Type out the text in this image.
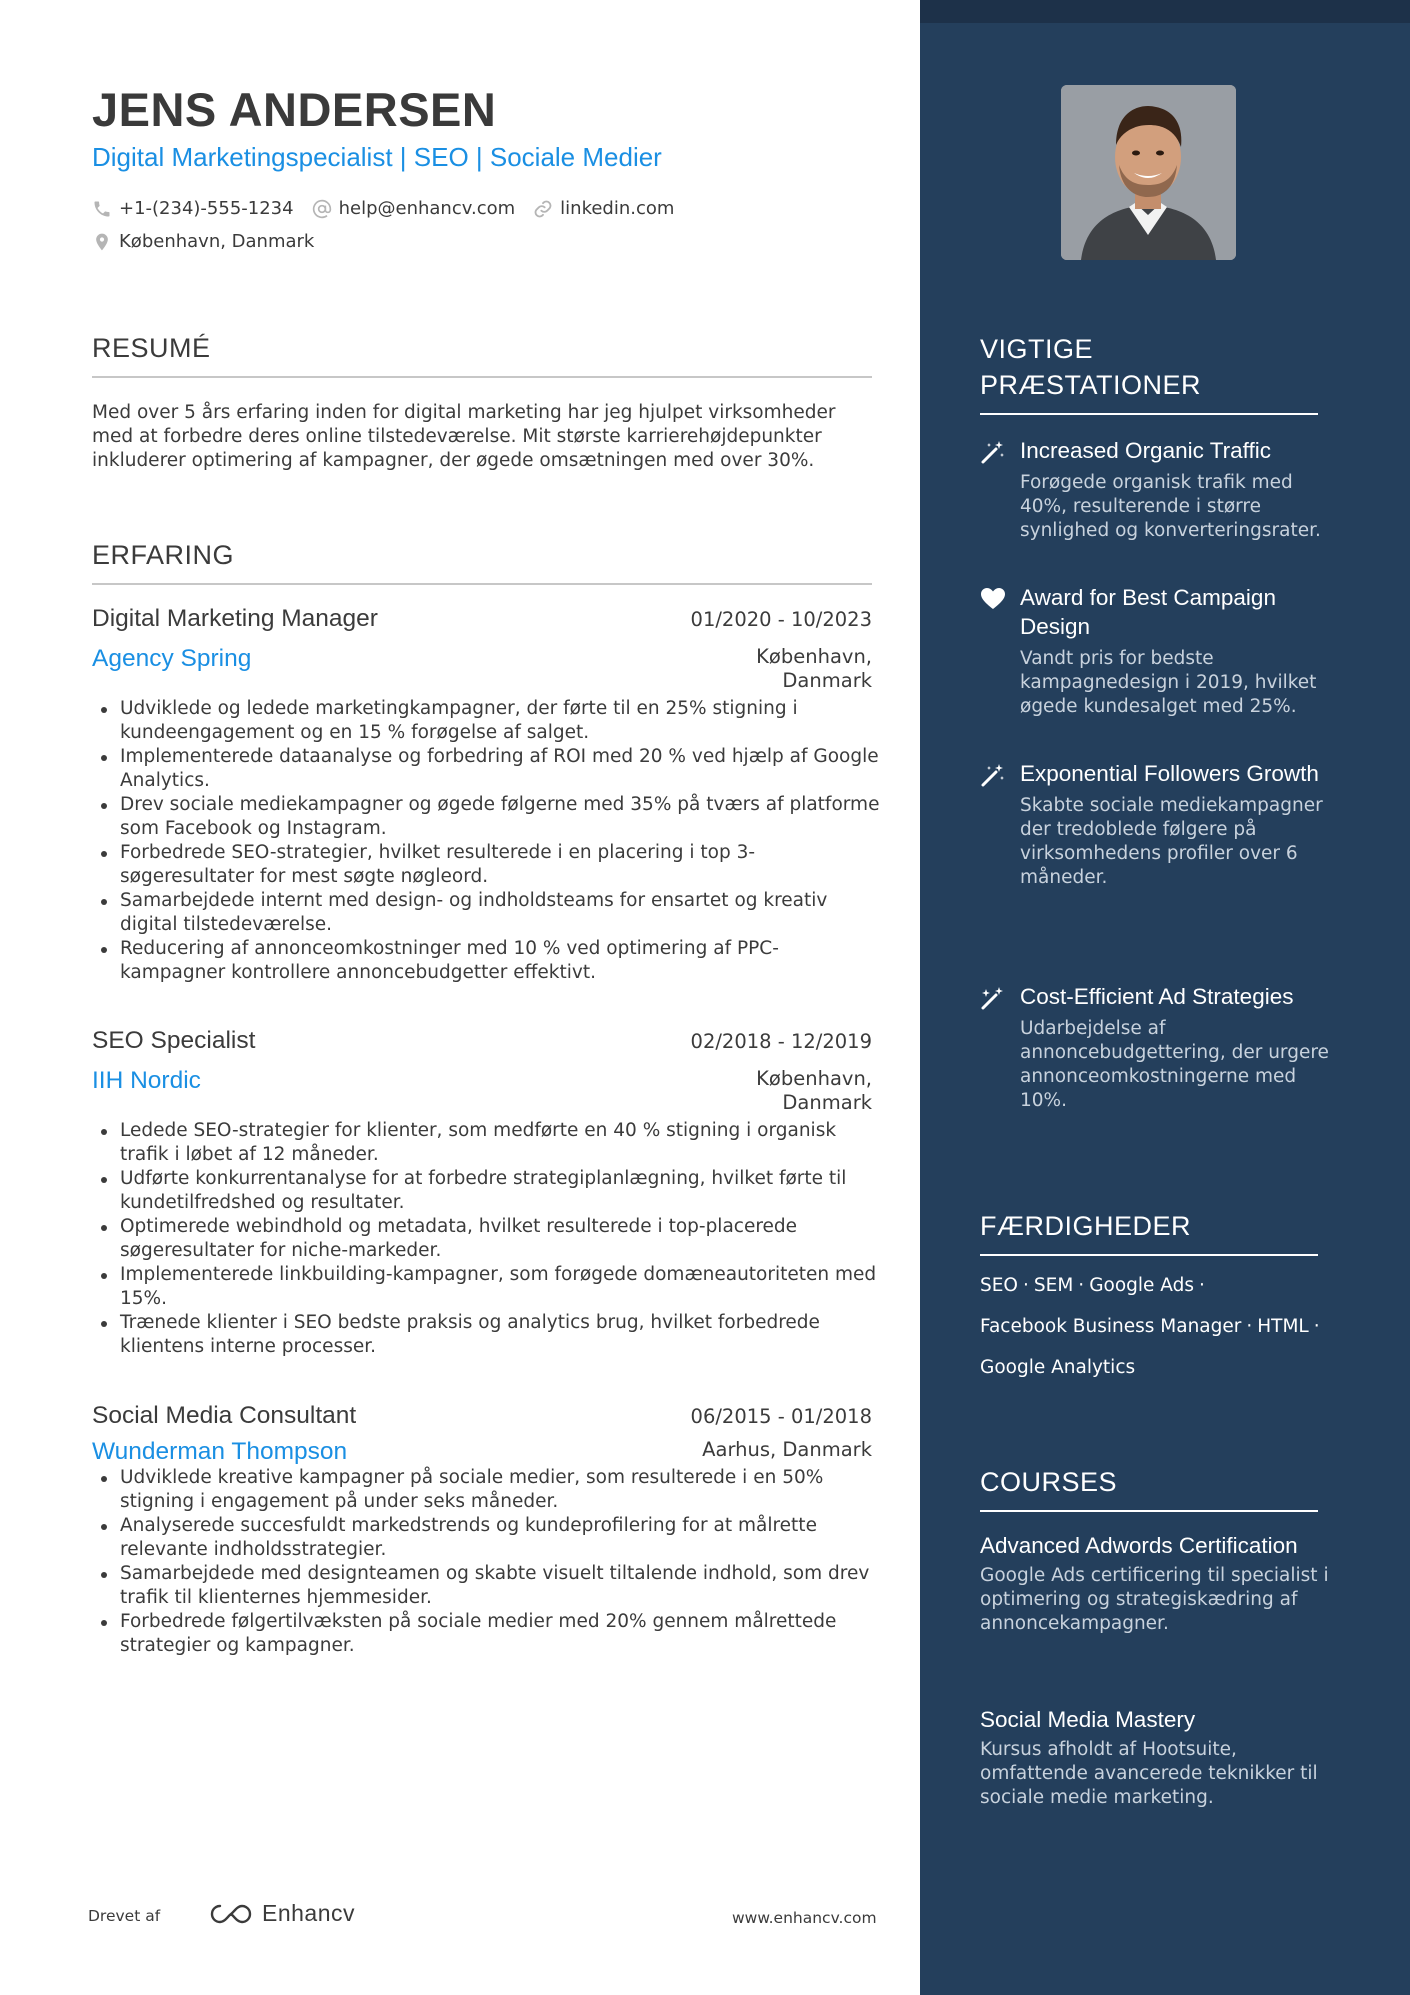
JENS ANDERSEN
Digital Marketingspecialist | SEO | Sociale Medier
+1-(234)-555-1234	help@enhancv.com	linkedin.com
København, Danmark
RESUMÉ
Med over 5 års erfaring inden for digital marketing har jeg hjulpet virksomheder med at forbedre deres online tilstedeværelse. Mit største karrierehøjdepunkter inkluderer optimering af kampagner, der øgede omsætningen med over 30%.
ERFARING
Digital Marketing Manager	01/2020 - 10/2023
Agency Spring	København, Danmark
Udviklede og ledede marketingkampagner, der førte til en 25% stigning i kundeengagement og en 15 % forøgelse af salget.
Implementerede dataanalyse og forbedring af ROI med 20 % ved hjælp af Google Analytics.
Drev sociale mediekampagner og øgede følgerne med 35% på tværs af platforme som Facebook og Instagram.
Forbedrede SEO-strategier, hvilket resulterede i en placering i top 3-søgeresultater for mest søgte nøgleord.
Samarbejdede internt med design- og indholdsteams for ensartet og kreativ digital tilstedeværelse.
Reducering af annonceomkostninger med 10 % ved optimering af PPC-kampagner kontrollere annoncebudgetter effektivt.
SEO Specialist	02/2018 - 12/2019
IIH Nordic	København, Danmark
Ledede SEO-strategier for klienter, som medførte en 40 % stigning i organisk trafik i løbet af 12 måneder.
Udførte konkurrentanalyse for at forbedre strategiplanlægning, hvilket førte til kundetilfredshed og resultater.
Optimerede webindhold og metadata, hvilket resulterede i top-placerede søgeresultater for niche-markeder.
Implementerede linkbuilding-kampagner, som forøgede domæneautoriteten med 15%.
Trænede klienter i SEO bedste praksis og analytics brug, hvilket forbedrede klientens interne processer.
Social Media Consultant	06/2015 - 01/2018
Wunderman Thompson	Aarhus, Danmark
Udviklede kreative kampagner på sociale medier, som resulterede i en 50% stigning i engagement på under seks måneder.
Analyserede succesfuldt markedstrends og kundeprofilering for at målrette relevante indholdsstrategier.
Samarbejdede med designteamen og skabte visuelt tiltalende indhold, som drev trafik til klienternes hjemmesider.
Forbedrede følgertilvæksten på sociale medier med 20% gennem målrettede strategier og kampagner.
Drevet af	Enhancv	www.enhancv.com
VIGTIGE PRÆSTATIONER
Increased Organic Traffic
Forøgede organisk trafik med 40%, resulterende i større synlighed og konverteringsrater.
Award for Best Campaign Design
Vandt pris for bedste kampagnedesign i 2019, hvilket øgede kundesalget med 25%.
Exponential Followers Growth
Skabte sociale mediekampagner der tredoblede følgere på virksomhedens profiler over 6 måneder.
Cost-Efficient Ad Strategies
Udarbejdelse af annoncebudgettering, der urgere annonceomkostningerne med 10%.
FÆRDIGHEDER
SEO · SEM · Google Ads ·
Facebook Business Manager · HTML ·
Google Analytics
COURSES
Advanced Adwords Certification
Google Ads certificering til specialist i optimering og strategiskædring af annoncekampagner.
Social Media Mastery
Kursus afholdt af Hootsuite, omfattende avancerede teknikker til sociale medie marketing.
